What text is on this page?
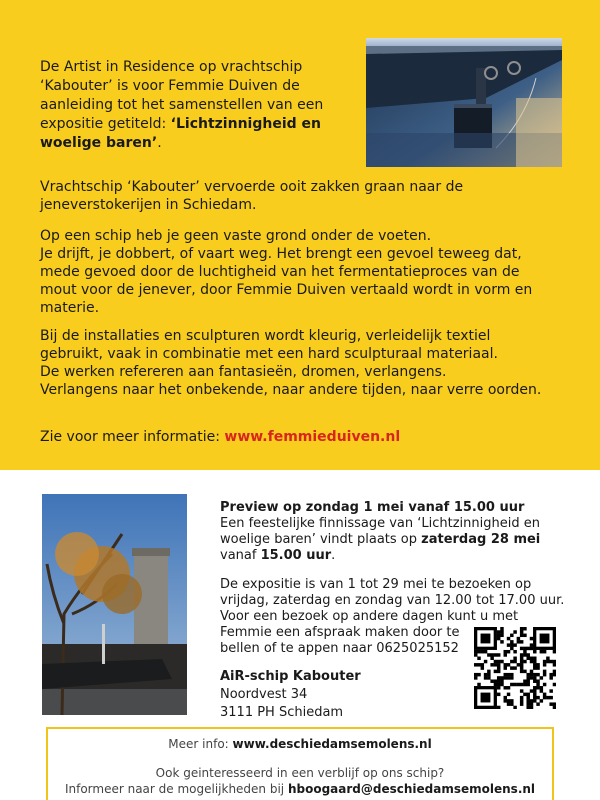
De Artist in Residence op vrachtschip
‘Kabouter’ is voor Femmie Duiven de
aanleiding tot het samenstellen van een
expositie getiteld: ‘Lichtzinnigheid en
woelige baren’.
Vrachtschip ‘Kabouter’ vervoerde ooit zakken graan naar de
jeneverstokerijen in Schiedam.
Op een schip heb je geen vaste grond onder de voeten.
Je drijft, je dobbert, of vaart weg. Het brengt een gevoel teweeg dat,
mede gevoed door de luchtigheid van het fermentatieproces van de
mout voor de jenever, door Femmie Duiven vertaald wordt in vorm en
materie.
Bij de installaties en sculpturen wordt kleurig, verleidelijk textiel
gebruikt, vaak in combinatie met een hard sculpturaal materiaal.
De werken refereren aan fantasieën, dromen, verlangens.
Verlangens naar het onbekende, naar andere tijden, naar verre oorden.
Zie voor meer informatie: www.femmieduiven.nl
Preview op zondag 1 mei vanaf 15.00 uur
Een feestelijke finnissage van ‘Lichtzinnigheid en
woelige baren’ vindt plaats op zaterdag 28 mei
vanaf 15.00 uur.
De expositie is van 1 tot 29 mei te bezoeken op
vrijdag, zaterdag en zondag van 12.00 tot 17.00 uur.
Voor een bezoek op andere dagen kunt u met
Femmie een afspraak maken door te
bellen of te appen naar 0625025152
AiR-schip Kabouter
Noordvest 34
3111 PH Schiedam
Meer info: www.deschiedamsemolens.nl
Ook geinteresseerd in een verblijf op ons schip?
Informeer naar de mogelijkheden bij hboogaard@deschiedamsemolens.nl
